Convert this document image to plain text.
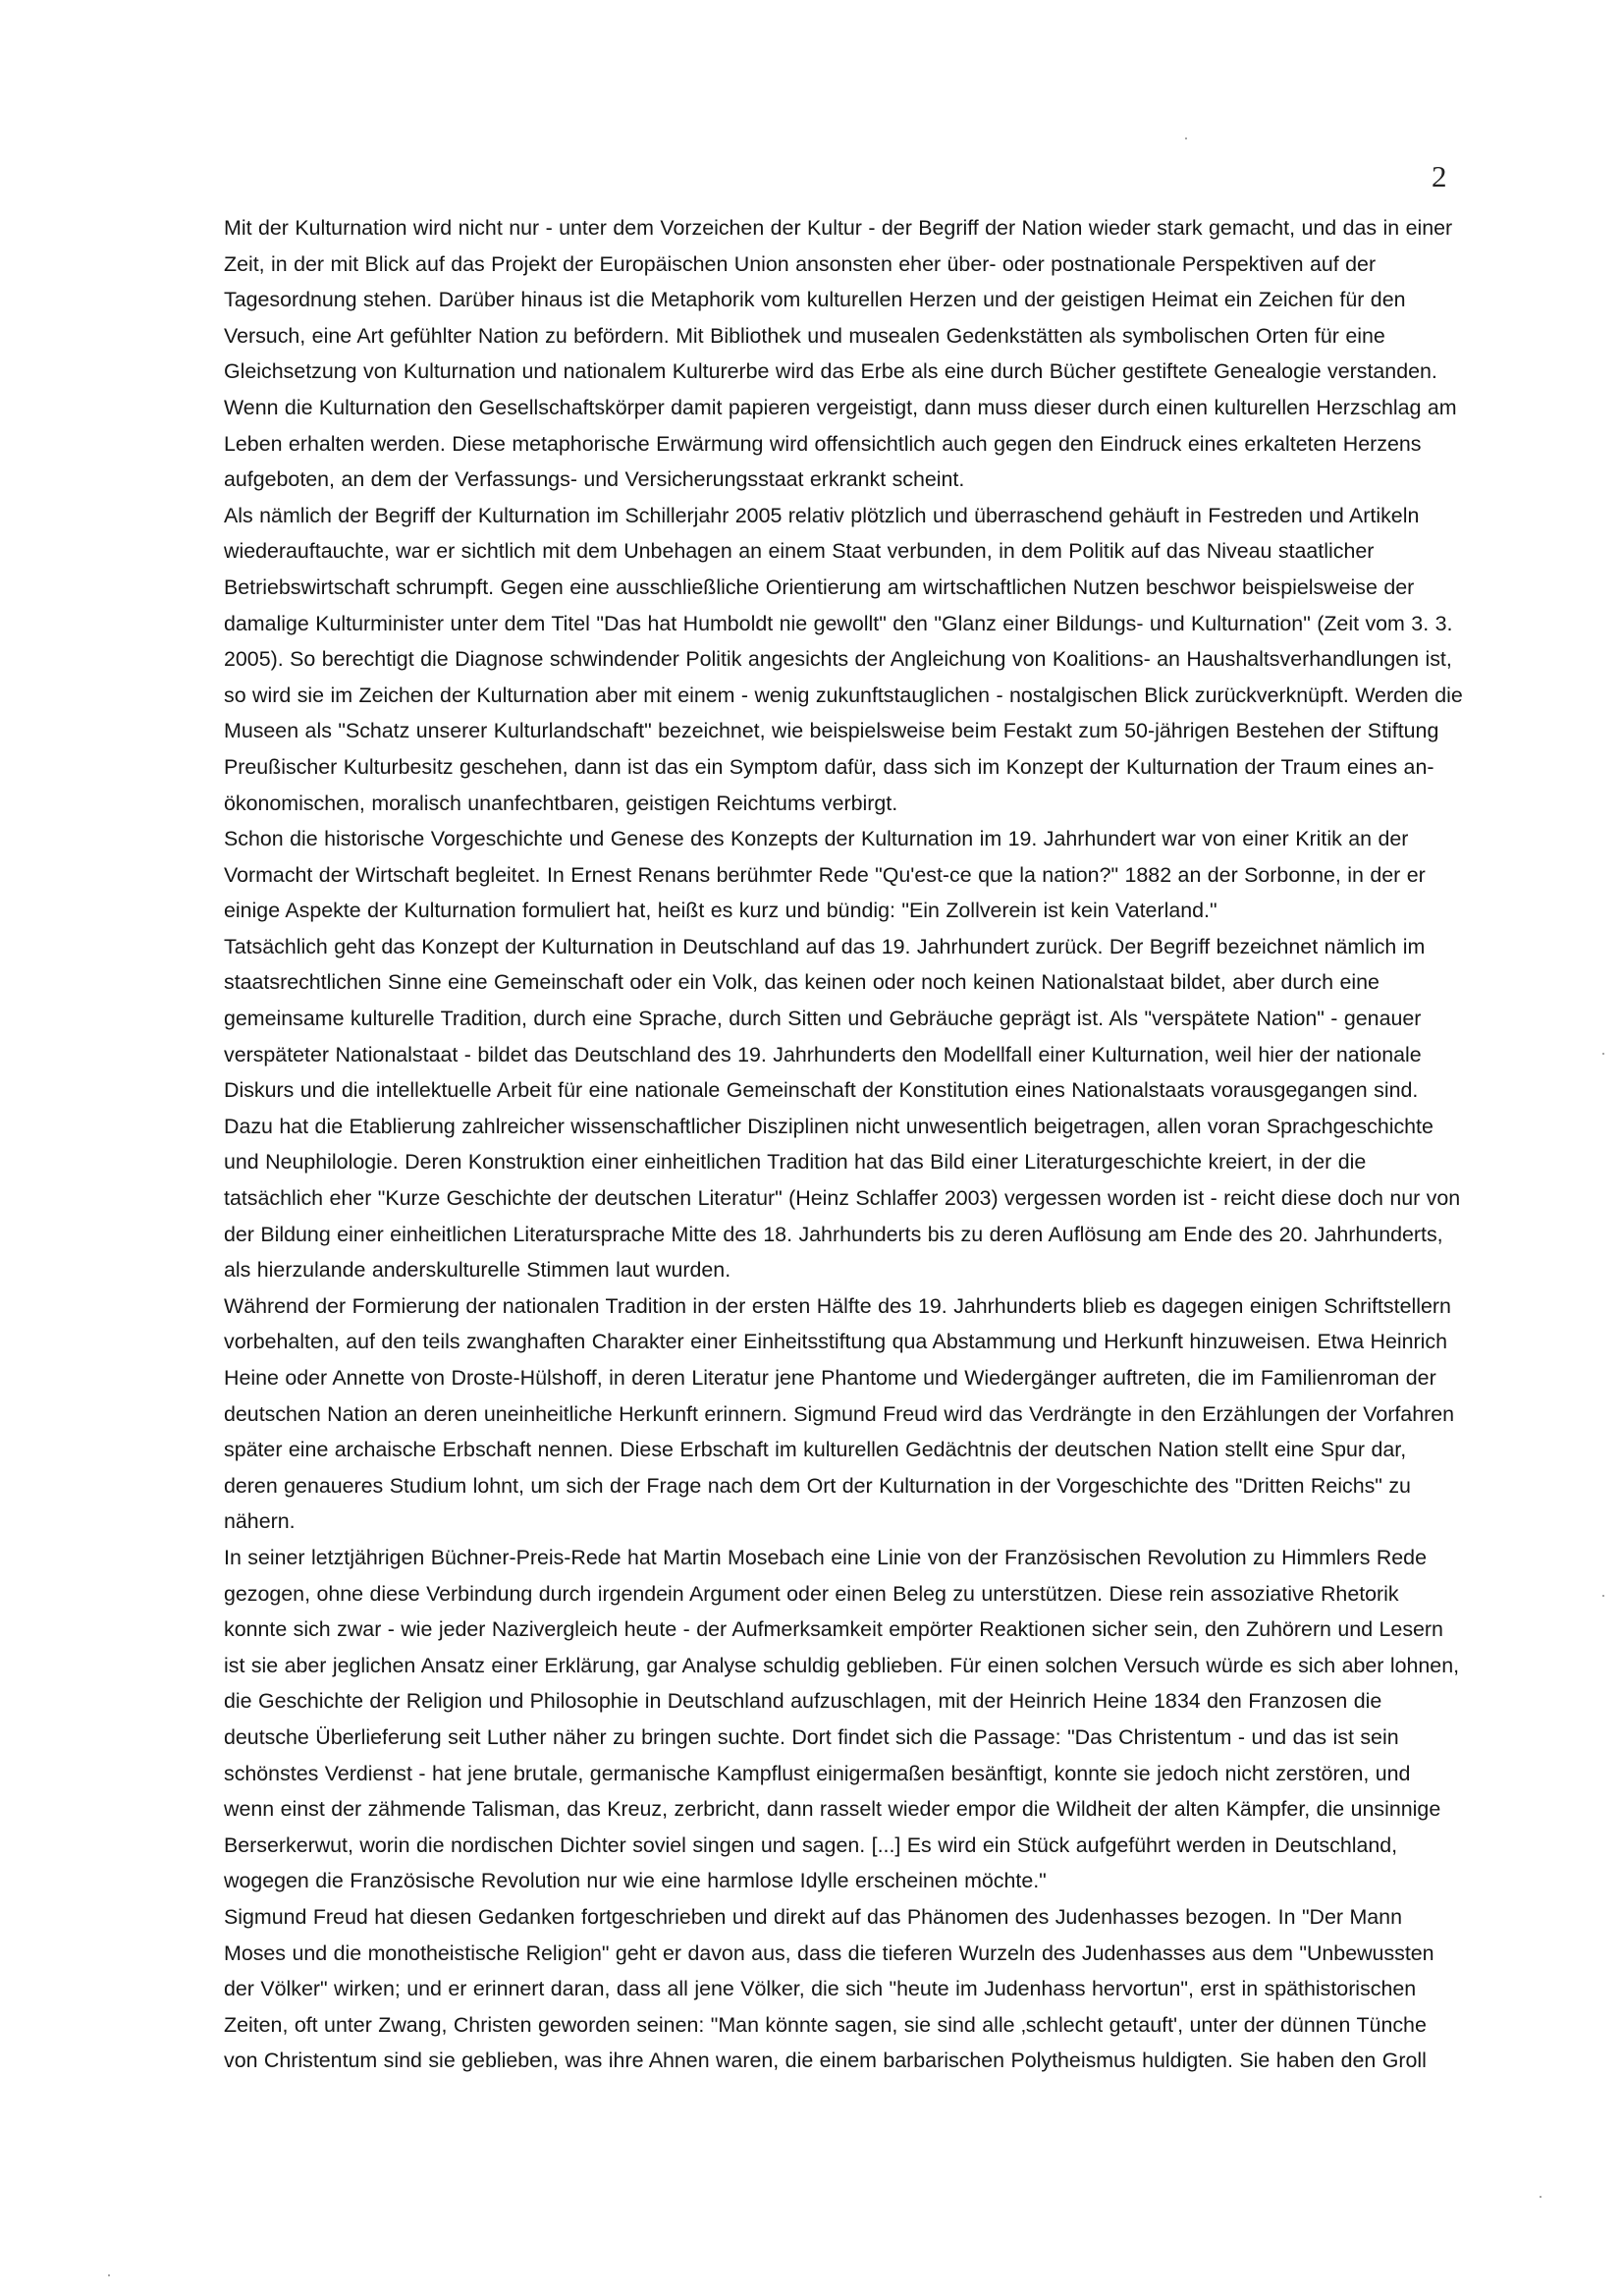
2

Mit der Kulturnation wird nicht nur - unter dem Vorzeichen der Kultur - der Begriff der Nation wieder stark gemacht, und das in einer Zeit, in der mit Blick auf das Projekt der Europäischen Union ansonsten eher über- oder postnationale Perspektiven auf der Tagesordnung stehen. Darüber hinaus ist die Metaphorik vom kulturellen Herzen und der geistigen Heimat ein Zeichen für den Versuch, eine Art gefühlter Nation zu befördern. Mit Bibliothek und musealen Gedenkstätten als symbolischen Orten für eine Gleichsetzung von Kulturnation und nationalem Kulturerbe wird das Erbe als eine durch Bücher gestiftete Genealogie verstanden. Wenn die Kulturnation den Gesellschaftskörper damit papieren vergeistigt, dann muss dieser durch einen kulturellen Herzschlag am Leben erhalten werden. Diese metaphorische Erwärmung wird offensichtlich auch gegen den Eindruck eines erkalteten Herzens aufgeboten, an dem der Verfassungs- und Versicherungsstaat erkrankt scheint.

Als nämlich der Begriff der Kulturnation im Schillerjahr 2005 relativ plötzlich und überraschend gehäuft in Festreden und Artikeln wiederauftauchte, war er sichtlich mit dem Unbehagen an einem Staat verbunden, in dem Politik auf das Niveau staatlicher Betriebswirtschaft schrumpft. Gegen eine ausschließliche Orientierung am wirtschaftlichen Nutzen beschwor beispielsweise der damalige Kulturminister unter dem Titel "Das hat Humboldt nie gewollt" den "Glanz einer Bildungs- und Kulturnation" (Zeit vom 3. 3. 2005). So berechtigt die Diagnose schwindender Politik angesichts der Angleichung von Koalitions- an Haushaltsverhandlungen ist, so wird sie im Zeichen der Kulturnation aber mit einem - wenig zukunftstauglichen - nostalgischen Blick zurückverknüpft. Werden die Museen als "Schatz unserer Kulturlandschaft" bezeichnet, wie beispielsweise beim Festakt zum 50-jährigen Bestehen der Stiftung Preußischer Kulturbesitz geschehen, dann ist das ein Symptom dafür, dass sich im Konzept der Kulturnation der Traum eines an-ökonomischen, moralisch unanfechtbaren, geistigen Reichtums verbirgt.

Schon die historische Vorgeschichte und Genese des Konzepts der Kulturnation im 19. Jahrhundert war von einer Kritik an der Vormacht der Wirtschaft begleitet. In Ernest Renans berühmter Rede "Qu'est-ce que la nation?" 1882 an der Sorbonne, in der er einige Aspekte der Kulturnation formuliert hat, heißt es kurz und bündig: "Ein Zollverein ist kein Vaterland."

Tatsächlich geht das Konzept der Kulturnation in Deutschland auf das 19. Jahrhundert zurück. Der Begriff bezeichnet nämlich im staatsrechtlichen Sinne eine Gemeinschaft oder ein Volk, das keinen oder noch keinen Nationalstaat bildet, aber durch eine gemeinsame kulturelle Tradition, durch eine Sprache, durch Sitten und Gebräuche geprägt ist. Als "verspätete Nation" - genauer verspäteter Nationalstaat - bildet das Deutschland des 19. Jahrhunderts den Modellfall einer Kulturnation, weil hier der nationale Diskurs und die intellektuelle Arbeit für eine nationale Gemeinschaft der Konstitution eines Nationalstaats vorausgegangen sind. Dazu hat die Etablierung zahlreicher wissenschaftlicher Disziplinen nicht unwesentlich beigetragen, allen voran Sprachgeschichte und Neuphilologie. Deren Konstruktion einer einheitlichen Tradition hat das Bild einer Literaturgeschichte kreiert, in der die tatsächlich eher "Kurze Geschichte der deutschen Literatur" (Heinz Schlaffer 2003) vergessen worden ist - reicht diese doch nur von der Bildung einer einheitlichen Literatursprache Mitte des 18. Jahrhunderts bis zu deren Auflösung am Ende des 20. Jahrhunderts, als hierzulande anderskulturelle Stimmen laut wurden.

Während der Formierung der nationalen Tradition in der ersten Hälfte des 19. Jahrhunderts blieb es dagegen einigen Schriftstellern vorbehalten, auf den teils zwanghaften Charakter einer Einheitsstiftung qua Abstammung und Herkunft hinzuweisen. Etwa Heinrich Heine oder Annette von Droste-Hülshoff, in deren Literatur jene Phantome und Wiedergänger auftreten, die im Familienroman der deutschen Nation an deren uneinheitliche Herkunft erinnern. Sigmund Freud wird das Verdrängte in den Erzählungen der Vorfahren später eine archaische Erbschaft nennen. Diese Erbschaft im kulturellen Gedächtnis der deutschen Nation stellt eine Spur dar, deren genaueres Studium lohnt, um sich der Frage nach dem Ort der Kulturnation in der Vorgeschichte des "Dritten Reichs" zu nähern.

In seiner letztjährigen Büchner-Preis-Rede hat Martin Mosebach eine Linie von der Französischen Revolution zu Himmlers Rede gezogen, ohne diese Verbindung durch irgendein Argument oder einen Beleg zu unterstützen. Diese rein assoziative Rhetorik konnte sich zwar - wie jeder Nazivergleich heute - der Aufmerksamkeit empörter Reaktionen sicher sein, den Zuhörern und Lesern ist sie aber jeglichen Ansatz einer Erklärung, gar Analyse schuldig geblieben. Für einen solchen Versuch würde es sich aber lohnen, die Geschichte der Religion und Philosophie in Deutschland aufzuschlagen, mit der Heinrich Heine 1834 den Franzosen die deutsche Überlieferung seit Luther näher zu bringen suchte. Dort findet sich die Passage: "Das Christentum - und das ist sein schönstes Verdienst - hat jene brutale, germanische Kampflust einigermaßen besänftigt, konnte sie jedoch nicht zerstören, und wenn einst der zähmende Talisman, das Kreuz, zerbricht, dann rasselt wieder empor die Wildheit der alten Kämpfer, die unsinnige Berserkerwut, worin die nordischen Dichter soviel singen und sagen. [...] Es wird ein Stück aufgeführt werden in Deutschland, wogegen die Französische Revolution nur wie eine harmlose Idylle erscheinen möchte."

Sigmund Freud hat diesen Gedanken fortgeschrieben und direkt auf das Phänomen des Judenhasses bezogen. In "Der Mann Moses und die monotheistische Religion" geht er davon aus, dass die tieferen Wurzeln des Judenhasses aus dem "Unbewussten der Völker" wirken; und er erinnert daran, dass all jene Völker, die sich "heute im Judenhass hervortun", erst in späthistorischen Zeiten, oft unter Zwang, Christen geworden seinen: "Man könnte sagen, sie sind alle ‚schlecht getauft', unter der dünnen Tünche von Christentum sind sie geblieben, was ihre Ahnen waren, die einem barbarischen Polytheismus huldigten. Sie haben den Groll
